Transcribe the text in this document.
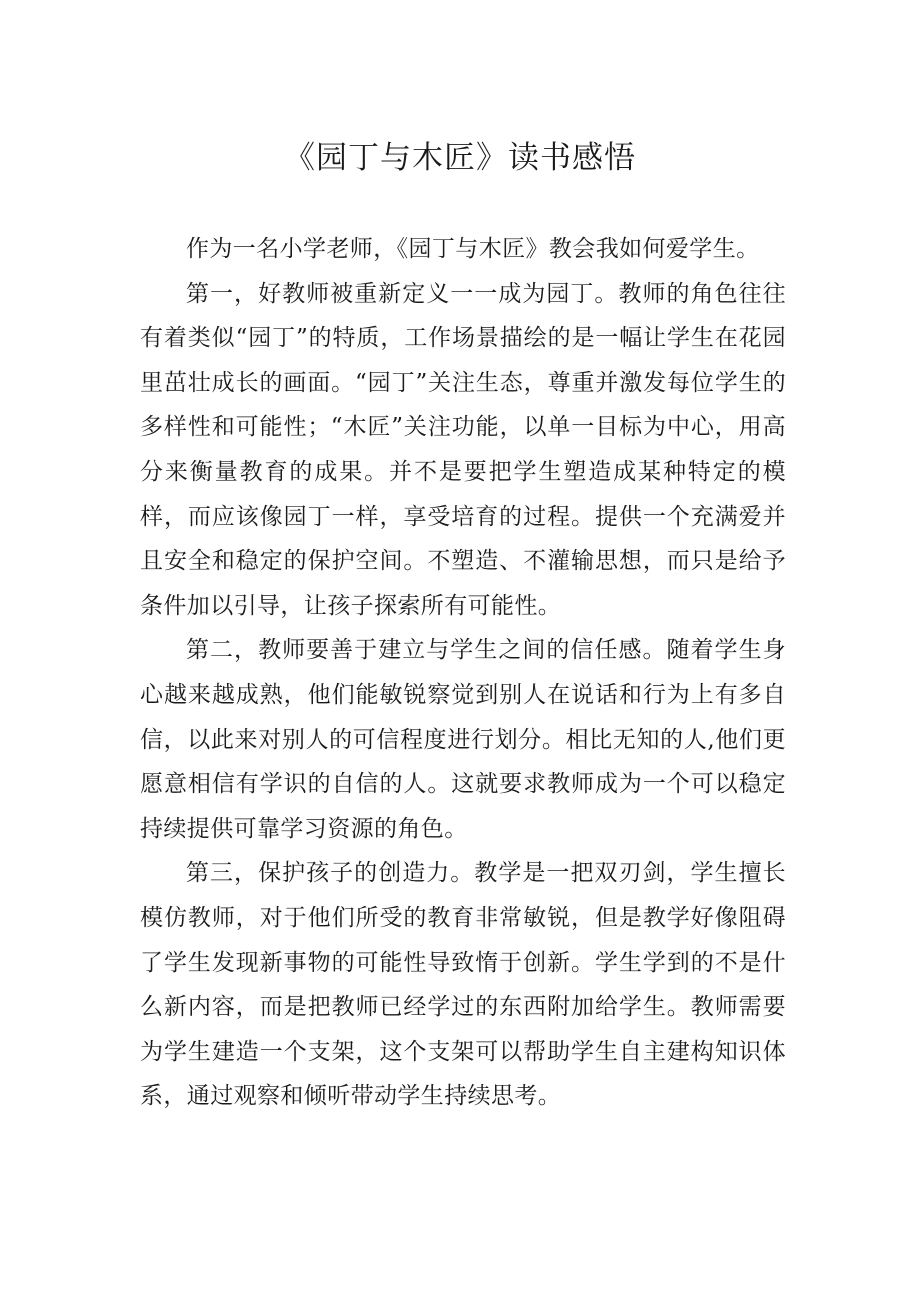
《园丁与木匠》读书感悟

作为一名小学老师，《园丁与木匠》教会我如何爱学生。

第一，好教师被重新定义一一成为园丁。教师的角色往往有着类似“园丁”的特质，工作场景描绘的是一幅让学生在花园里茁壮成长的画面。“园丁”关注生态，尊重并激发每位学生的多样性和可能性；“木匠”关注功能，以单一目标为中心，用高分来衡量教育的成果。并不是要把学生塑造成某种特定的模样，而应该像园丁一样，享受培育的过程。提供一个充满爱并且安全和稳定的保护空间。不塑造、不灌输思想，而只是给予条件加以引导，让孩子探索所有可能性。

第二，教师要善于建立与学生之间的信任感。随着学生身心越来越成熟，他们能敏锐察觉到别人在说话和行为上有多自信，以此来对别人的可信程度进行划分。相比无知的人,他们更愿意相信有学识的自信的人。这就要求教师成为一个可以稳定持续提供可靠学习资源的角色。

第三，保护孩子的创造力。教学是一把双刃剑，学生擅长模仿教师，对于他们所受的教育非常敏锐，但是教学好像阻碍了学生发现新事物的可能性导致惰于创新。学生学到的不是什么新内容，而是把教师已经学过的东西附加给学生。教师需要为学生建造一个支架，这个支架可以帮助学生自主建构知识体系，通过观察和倾听带动学生持续思考。
